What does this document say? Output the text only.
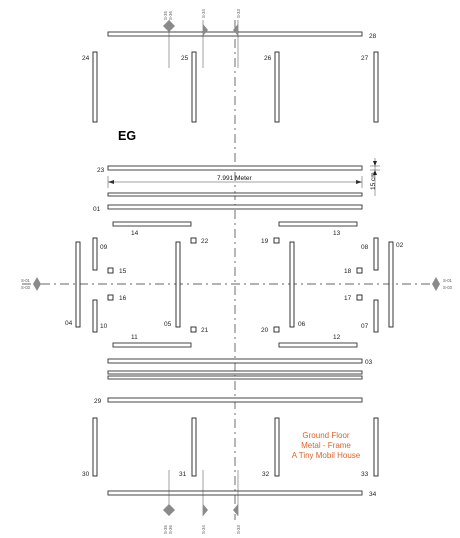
28
S-35 S-36	S-34	S-33
24	25	26	27
EG
23
7.991 Meter	15 cm
01
14	13
22	19
04
02
09
10
08
07
05	06
15
16
18
17
21	20
11	12
S-01
S-03
S-01
S-03
03
29
30	31	32	33
Ground Floor
Metal - Frame
A Tiny Mobil House
34
S-35 S-36	S-34	S-33
